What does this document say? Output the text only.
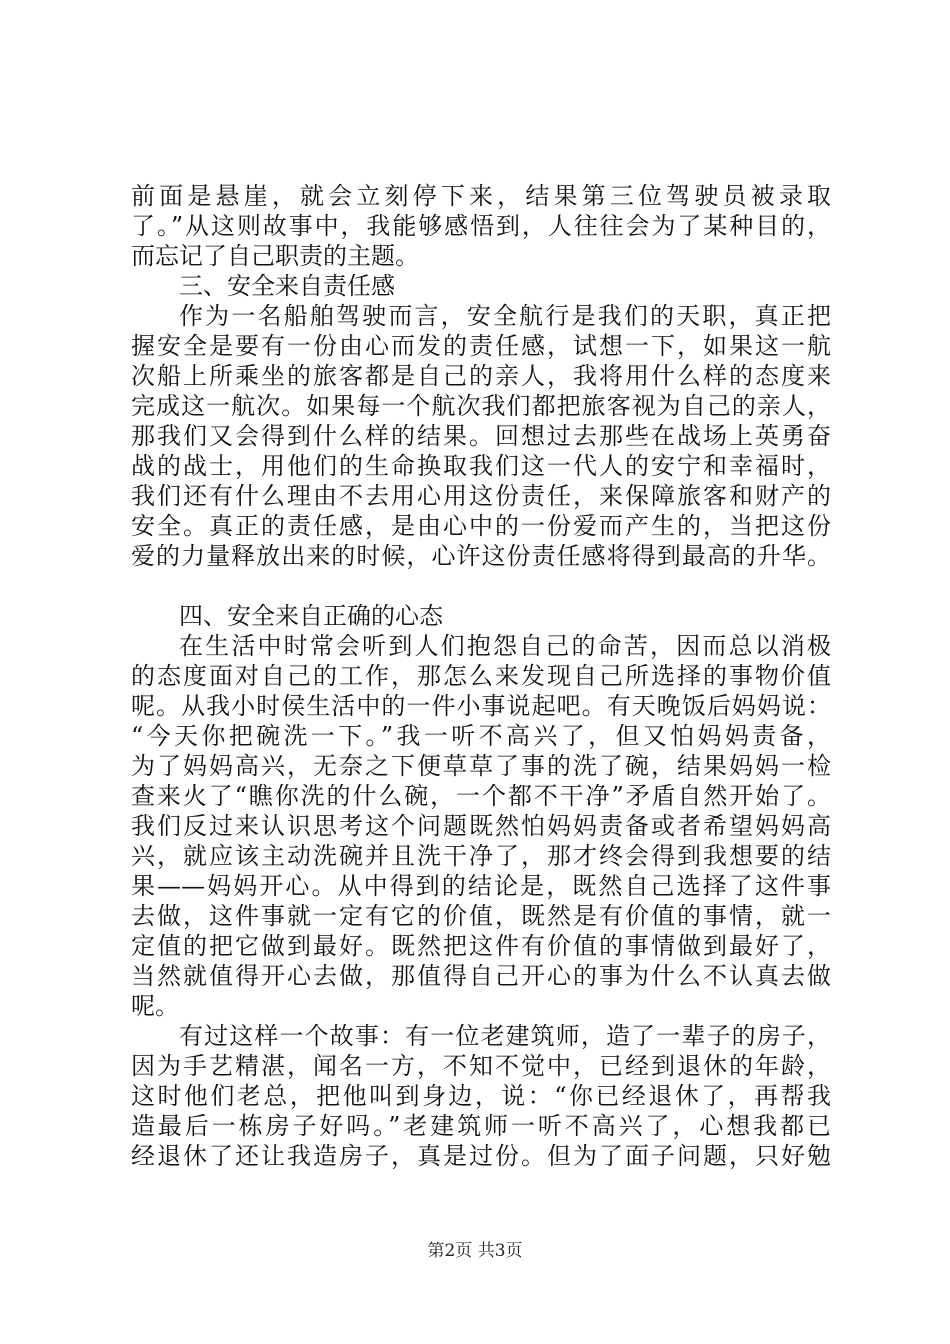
前面是悬崖，就会立刻停下来，结果第三位驾驶员被录取
了。”从这则故事中，我能够感悟到，人往往会为了某种目的，
而忘记了自己职责的主题。
三、安全来自责任感
作为一名船舶驾驶而言，安全航行是我们的天职，真正把
握安全是要有一份由心而发的责任感，试想一下，如果这一航
次船上所乘坐的旅客都是自己的亲人，我将用什么样的态度来
完成这一航次。如果每一个航次我们都把旅客视为自己的亲人，
那我们又会得到什么样的结果。回想过去那些在战场上英勇奋
战的战士，用他们的生命换取我们这一代人的安宁和幸福时，
我们还有什么理由不去用心用这份责任，来保障旅客和财产的
安全。真正的责任感，是由心中的一份爱而产生的，当把这份
爱的力量释放出来的时候，心许这份责任感将得到最高的升华。
四、安全来自正确的心态
在生活中时常会听到人们抱怨自己的命苦，因而总以消极
的态度面对自己的工作，那怎么来发现自己所选择的事物价值
呢。从我小时侯生活中的一件小事说起吧。有天晚饭后妈妈说：
“今天你把碗洗一下。”我一听不高兴了，但又怕妈妈责备，
为了妈妈高兴，无奈之下便草草了事的洗了碗，结果妈妈一检
查来火了“瞧你洗的什么碗，一个都不干净”矛盾自然开始了。
我们反过来认识思考这个问题既然怕妈妈责备或者希望妈妈高
兴，就应该主动洗碗并且洗干净了，那才终会得到我想要的结
果——妈妈开心。从中得到的结论是，既然自己选择了这件事
去做，这件事就一定有它的价值，既然是有价值的事情，就一
定值的把它做到最好。既然把这件有价值的事情做到最好了，
当然就值得开心去做，那值得自己开心的事为什么不认真去做
呢。
有过这样一个故事：有一位老建筑师，造了一辈子的房子，
因为手艺精湛，闻名一方，不知不觉中，已经到退休的年龄，
这时他们老总，把他叫到身边，说：“你已经退休了，再帮我
造最后一栋房子好吗。”老建筑师一听不高兴了，心想我都已
经退休了还让我造房子，真是过份。但为了面子问题，只好勉
第2页 共3页
